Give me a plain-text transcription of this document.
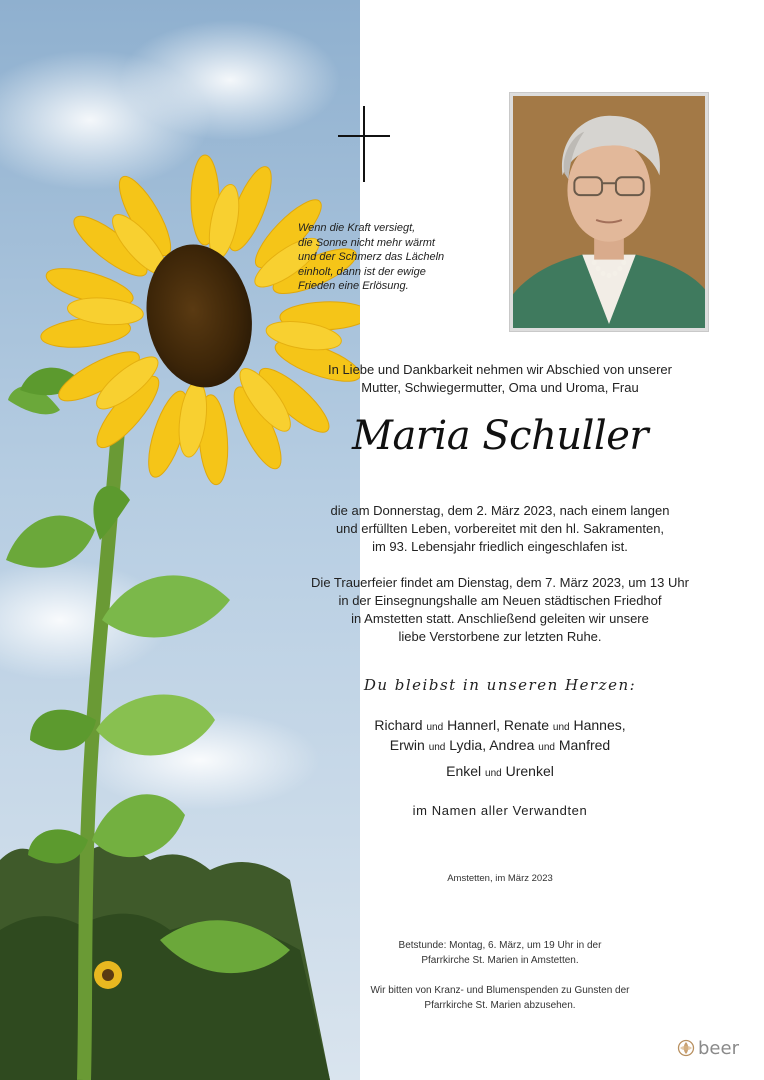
Wenn die Kraft versiegt,
die Sonne nicht mehr wärmt
und der Schmerz das Lächeln
einholt, dann ist der ewige
Frieden eine Erlösung.
In Liebe und Dankbarkeit nehmen wir Abschied von unserer
Mutter, Schwiegermutter, Oma und Uroma, Frau
Maria Schuller
die am Donnerstag, dem 2. März 2023, nach einem langen
und erfüllten Leben, vorbereitet mit den hl. Sakramenten,
im 93. Lebensjahr friedlich eingeschlafen ist.
Die Trauerfeier findet am Dienstag, dem 7. März 2023, um 13 Uhr
in der Einsegnungshalle am Neuen städtischen Friedhof
in Amstetten statt. Anschließend geleiten wir unsere
liebe Verstorbene zur letzten Ruhe.
Du bleibst in unseren Herzen:
Richard und Hannerl, Renate und Hannes,
Erwin und Lydia, Andrea und Manfred
Enkel und Urenkel
im Namen aller Verwandten
Amstetten, im März 2023
Betstunde: Montag, 6. März, um 19 Uhr in der
Pfarrkirche St. Marien in Amstetten.
Wir bitten von Kranz- und Blumenspenden zu Gunsten der
Pfarrkirche St. Marien abzusehen.
beer
